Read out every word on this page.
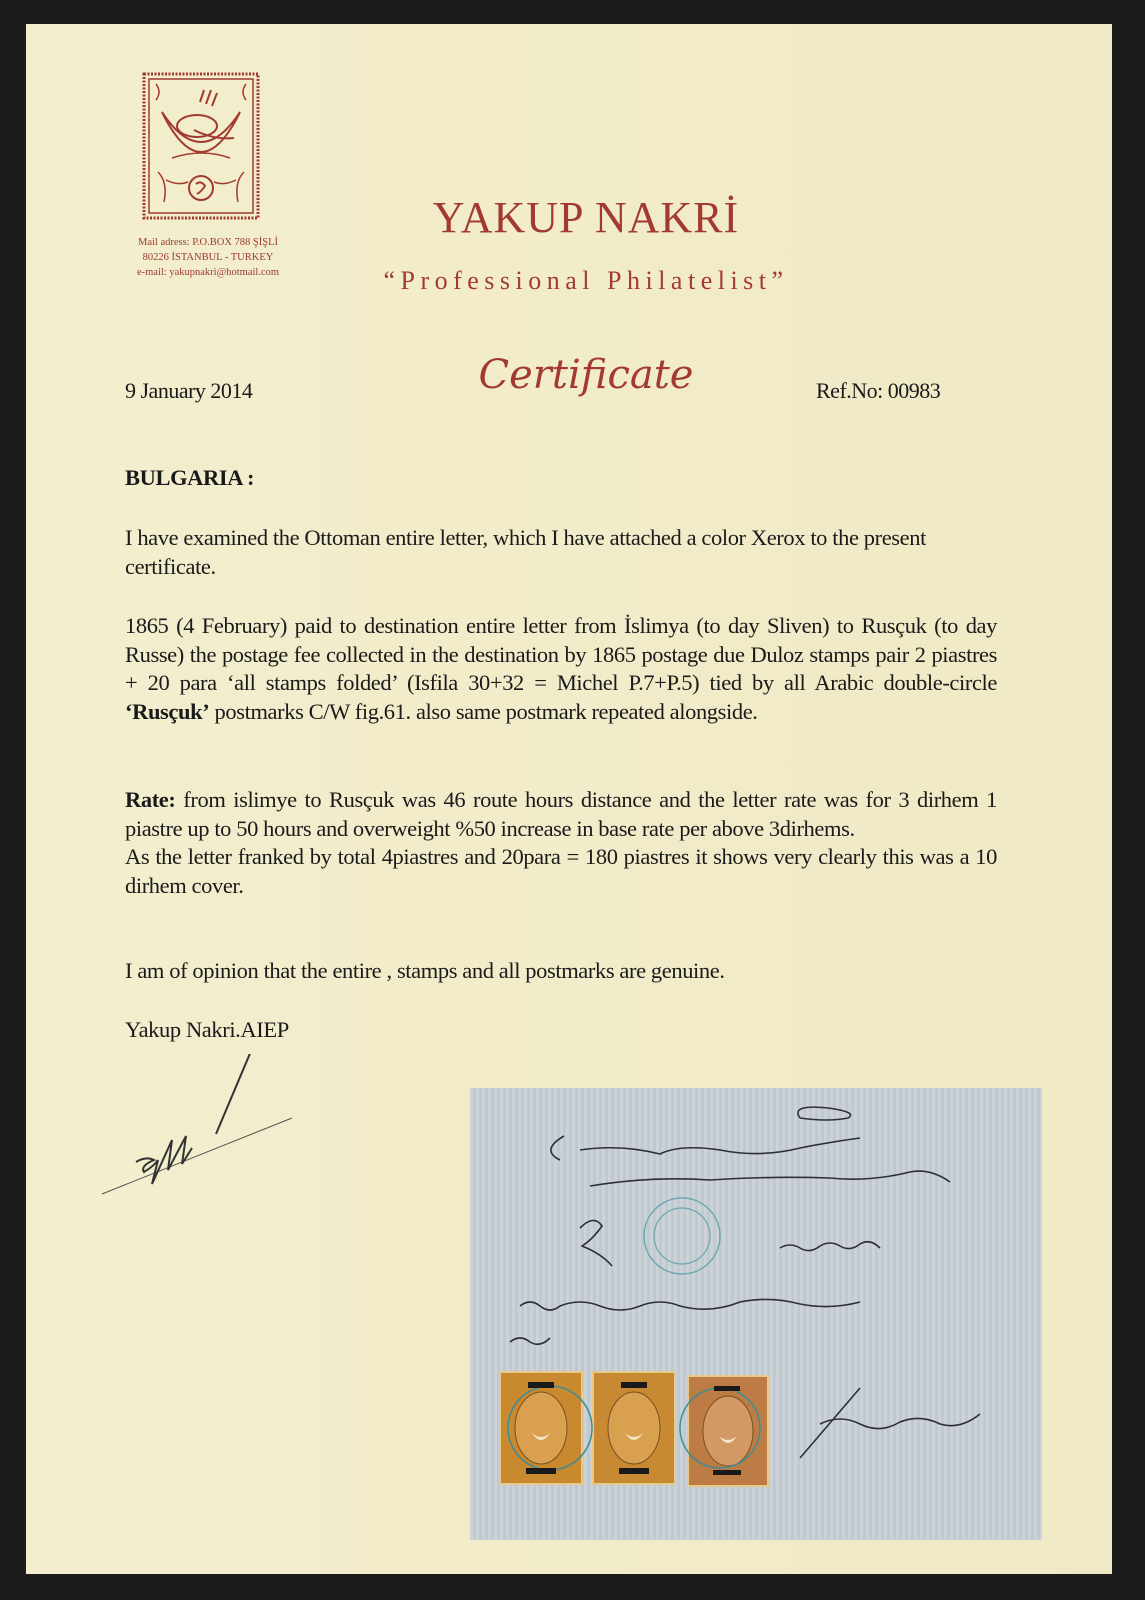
Mail adress: P.O.BOX 788 ŞİŞLİ
80226 İSTANBUL - TURKEY
e-mail: yakupnakri@hotmail.com
YAKUP NAKRİ
“Professional Philatelist”
9 January 2014	Certificate	Ref.No: 00983
BULGARIA :
I have examined the Ottoman entire letter, which I have attached a color Xerox to the present certificate.
1865 (4 February) paid to destination entire letter from İslimya (to day Sliven) to Rusçuk (to day Russe) the postage fee collected in the destination by 1865 postage due Duloz stamps pair 2 piastres + 20 para ‘all stamps folded’ (Isfila 30+32 = Michel P.7+P.5) tied by all Arabic double-circle ‘Rusçuk’ postmarks C/W fig.61. also same postmark repeated alongside.
Rate: from islimye to Rusçuk was 46 route hours distance and the letter rate was for 3 dirhem 1 piastre up to 50 hours and overweight %50 increase in base rate per above 3dirhems.
As the letter franked by total 4piastres and 20para = 180 piastres it shows very clearly this was a 10 dirhem cover.
I am of opinion that the entire , stamps and all postmarks are genuine.
Yakup Nakri.AIEP
